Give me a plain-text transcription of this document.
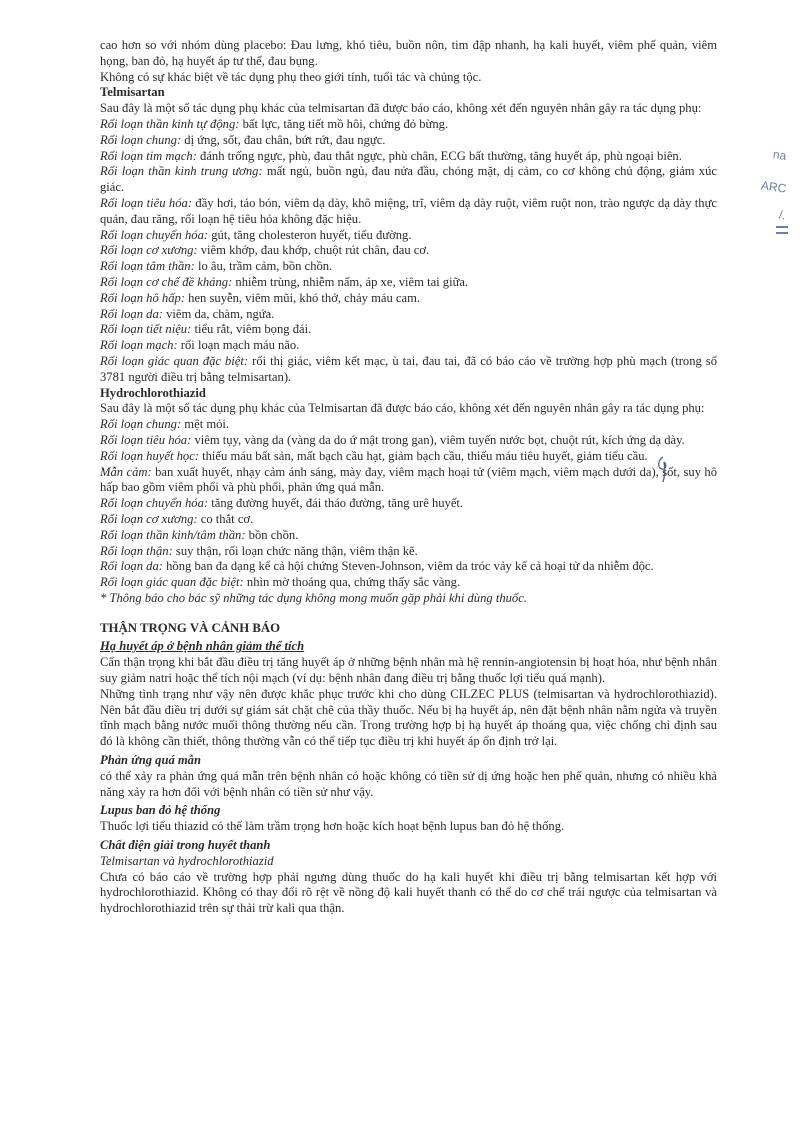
cao hơn so với nhóm dùng placebo: Đau lưng, khó tiêu, buồn nôn, tim đập nhanh, hạ kali huyết, viêm phế quản, viêm họng, ban đỏ, hạ huyết áp tư thế, đau bụng.

Không có sự khác biệt về tác dụng phụ theo giới tính, tuổi tác và chủng tộc.

Telmisartan

Sau đây là một số tác dụng phụ khác của telmisartan đã được báo cáo, không xét đến nguyên nhân gây ra tác dụng phụ:

Rối loạn thần kinh tự động: bất lực, tăng tiết mồ hôi, chứng đỏ bừng.

Rối loạn chung: dị ứng, sốt, đau chân, bứt rứt, đau ngực.

Rối loạn tim mạch: đánh trống ngực, phù, đau thắt ngực, phù chân, ECG bất thường, tăng huyết áp, phù ngoại biên.

Rối loạn thần kinh trung ương: mất ngủ, buồn ngủ, đau nửa đầu, chóng mặt, dị cảm, co cơ không chủ động, giảm xúc giác.

Rối loạn tiêu hóa: đầy hơi, táo bón, viêm dạ dày, khô miệng, trĩ, viêm dạ dày ruột, viêm ruột non, trào ngược dạ dày thực quản, đau răng, rối loạn hệ tiêu hóa không đặc hiệu.

Rối loạn chuyển hóa: gút, tăng cholesteron huyết, tiểu đường.

Rối loạn cơ xương: viêm khớp, đau khớp, chuột rút chân, đau cơ.

Rối loạn tâm thần: lo âu, trầm cảm, bồn chồn.

Rối loạn cơ chế đề kháng: nhiễm trùng, nhiễm nấm, áp xe, viêm tai giữa.

Rối loạn hô hấp: hen suyễn, viêm mũi, khó thở, chảy máu cam.

Rối loạn da: viêm da, chàm, ngứa.

Rối loạn tiết niệu: tiểu rắt, viêm bọng đái.

Rối loạn mạch: rối loạn mạch máu não.

Rối loạn giác quan đặc biệt: rối thị giác, viêm kết mạc, ù tai, đau tai, đã có báo cáo về trường hợp phù mạch (trong số 3781 người điều trị bằng telmisartan).

Hydrochlorothiazid

Sau đây là một số tác dụng phụ khác của Telmisartan đã được báo cáo, không xét đến nguyên nhân gây ra tác dụng phụ:

Rối loạn chung: mệt mỏi.

Rối loạn tiêu hóa: viêm tụy, vàng da (vàng da do ứ mật trong gan), viêm tuyến nước bọt, chuột rút, kích ứng dạ dày.

Rối loạn huyết học: thiếu máu bất sản, mất bạch cầu hạt, giảm bạch cầu, thiếu máu tiêu huyết, giảm tiểu cầu.

Mẫn cảm: ban xuất huyết, nhạy cảm ánh sáng, mày đay, viêm mạch hoại tử (viêm mạch, viêm mạch dưới da), sốt, suy hô hấp bao gồm viêm phổi và phù phổi, phản ứng quá mẫn.

Rối loạn chuyển hóa: tăng đường huyết, đái tháo đường, tăng urê huyết.

Rối loạn cơ xương: co thắt cơ.

Rối loạn thần kinh/tâm thần: bồn chồn.

Rối loạn thận: suy thận, rối loạn chức năng thận, viêm thận kẽ.

Rối loạn da: hồng ban đa dạng kể cả hội chứng Steven-Johnson, viêm da tróc vảy kể cả hoại tử da nhiễm độc.

Rối loạn giác quan đặc biệt: nhìn mờ thoáng qua, chứng thấy sắc vàng.

* Thông báo cho bác sỹ những tác dụng không mong muốn gặp phải khi dùng thuốc.

THẬN TRỌNG VÀ CẢNH BÁO

Hạ huyết áp ở bệnh nhân giảm thể tích

Cẩn thận trọng khi bắt đầu điều trị tăng huyết áp ở những bệnh nhân mà hệ rennin-angiotensin bị hoạt hóa, như bệnh nhân suy giảm natri hoặc thể tích nội mạch (ví dụ: bệnh nhân đang điều trị bằng thuốc lợi tiểu quá mạnh).

Những tình trạng như vậy nên được khắc phục trước khi cho dùng CILZEC PLUS (telmisartan và hydrochlorothiazid). Nên bắt đầu điều trị dưới sự giám sát chặt chẽ của thầy thuốc. Nếu bị hạ huyết áp, nên đặt bệnh nhân nằm ngửa và truyền tĩnh mạch bằng nước muối thông thường nếu cần. Trong trường hợp bị hạ huyết áp thoáng qua, việc chống chỉ định sau đó là không cần thiết, thông thường vẫn có thể tiếp tục điều trị khi huyết áp ổn định trở lại.

Phản ứng quá mẫn

có thể xảy ra phản ứng quá mẫn trên bệnh nhân có hoặc không có tiền sử dị ứng hoặc hen phế quản, nhưng có nhiều khả năng xảy ra hơn đối với bệnh nhân có tiền sử như vậy.

Lupus ban đỏ hệ thống

Thuốc lợi tiểu thiazid có thể làm trầm trọng hơn hoặc kích hoạt bệnh lupus ban đỏ hệ thống.

Chất điện giải trong huyết thanh

Telmisartan và hydrochlorothiazid

Chưa có báo cáo về trường hợp phải ngưng dùng thuốc do hạ kali huyết khi điều trị bằng telmisartan kết hợp với hydrochlorothiazid. Không có thay đổi rõ rệt về nồng độ kali huyết thanh có thể do cơ chế trái ngược của telmisartan và hydrochlorothiazid trên sự thải trừ kali qua thận.

na
ARC
/.
